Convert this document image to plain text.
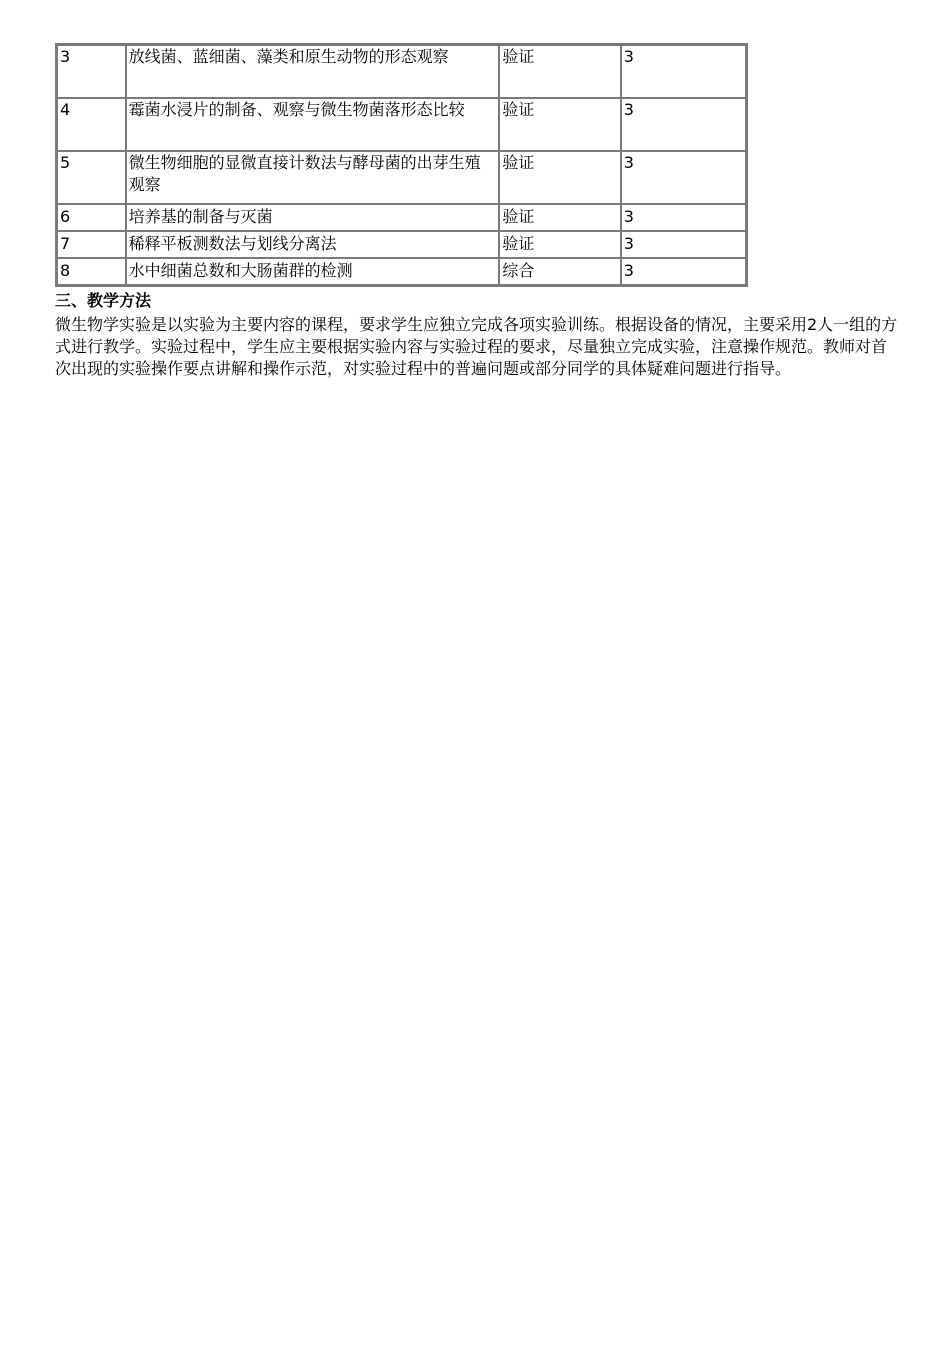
3	放线菌、蓝细菌、藻类和原生动物的形态观察	验证	3
4	霉菌水浸片的制备、观察与微生物菌落形态比较	验证	3
5	微生物细胞的显微直接计数法与酵母菌的出芽生殖观察	验证	3
6	培养基的制备与灭菌	验证	3
7	稀释平板测数法与划线分离法	验证	3
8	水中细菌总数和大肠菌群的检测	综合	3
三、教学方法

微生物学实验是以实验为主要内容的课程，要求学生应独立完成各项实验训练。根据设备的情况，主要采用2人一组的方式进行教学。实验过程中，学生应主要根据实验内容与实验过程的要求，尽量独立完成实验，注意操作规范。教师对首次出现的实验操作要点讲解和操作示范，对实验过程中的普遍问题或部分同学的具体疑难问题进行指导。
